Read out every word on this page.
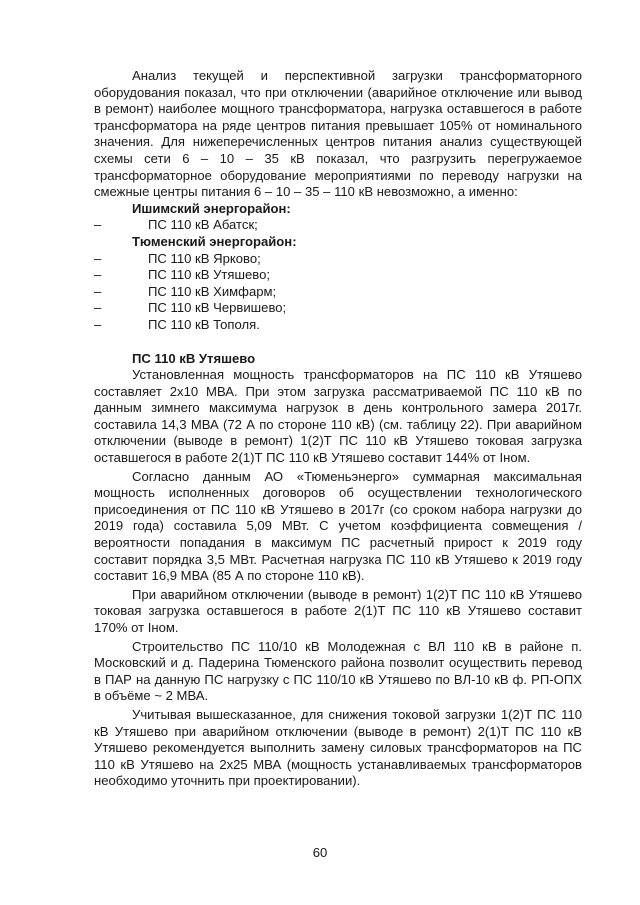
Анализ текущей и перспективной загрузки трансформаторного оборудования показал, что при отключении (аварийное отключение или вывод в ремонт) наиболее мощного трансформатора, нагрузка оставшегося в работе трансформатора на ряде центров питания превышает 105% от номинального значения. Для нижеперечисленных центров питания анализ существующей схемы сети 6 – 10 – 35 кВ показал, что разгрузить перегружаемое трансформаторное оборудование мероприятиями по переводу нагрузки на смежные центры питания 6 – 10 – 35 – 110 кВ невозможно, а именно:

Ишимский энергорайон:
–	ПС 110 кВ Абатск;
Тюменский энергорайон:
–	ПС 110 кВ Ярково;
–	ПС 110 кВ Утяшево;
–	ПС 110 кВ Химфарм;
–	ПС 110 кВ Червишево;
–	ПС 110 кВ Тополя.
ПС 110 кВ Утяшево

Установленная мощность трансформаторов на ПС 110 кВ Утяшево составляет 2х10 МВА. При этом загрузка рассматриваемой ПС 110 кВ по данным зимнего максимума нагрузок в день контрольного замера 2017г. составила 14,3 МВА (72 А по стороне 110 кВ) (см. таблицу 22). При аварийном отключении (выводе в ремонт) 1(2)Т ПС 110 кВ Утяшево токовая загрузка оставшегося в работе 2(1)Т ПС 110 кВ Утяшево составит 144% от Iном.

Согласно данным АО «Тюменьэнерго» суммарная максимальная мощность исполненных договоров об осуществлении технологического присоединения от ПС 110 кВ Утяшево в 2017г (со сроком набора нагрузки до 2019 года) составила 5,09 МВт. С учетом коэффициента совмещения / вероятности попадания в максимум ПС расчетный прирост к 2019 году составит порядка 3,5 МВт. Расчетная нагрузка ПС 110 кВ Утяшево к 2019 году составит 16,9 МВА (85 А по стороне 110 кВ).

При аварийном отключении (выводе в ремонт) 1(2)Т ПС 110 кВ Утяшево токовая загрузка оставшегося в работе 2(1)Т ПС 110 кВ Утяшево составит 170% от Iном.

Строительство ПС 110/10 кВ Молодежная с ВЛ 110 кВ в районе п. Московский и д. Падерина Тюменского района позволит осуществить перевод в ПАР на данную ПС нагрузку с ПС 110/10 кВ Утяшево по ВЛ-10 кВ ф. РП-ОПХ в объёме ~ 2 МВА.

Учитывая вышесказанное, для снижения токовой загрузки 1(2)Т ПС 110 кВ Утяшево при аварийном отключении (выводе в ремонт) 2(1)Т ПС 110 кВ Утяшево рекомендуется выполнить замену силовых трансформаторов на ПС 110 кВ Утяшево на 2х25 МВА (мощность устанавливаемых трансформаторов необходимо уточнить при проектировании).

60
